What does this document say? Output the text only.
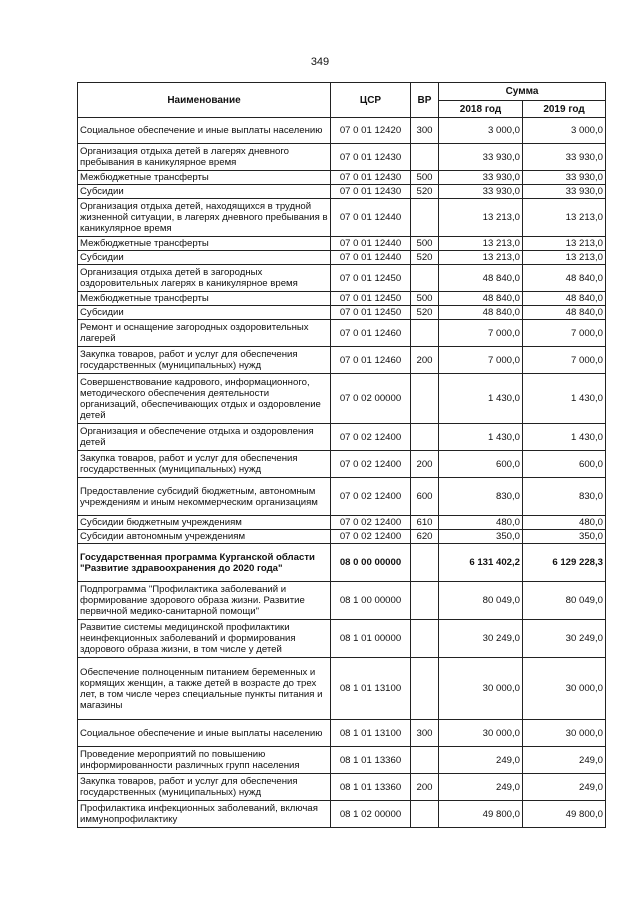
349
Наименование	ЦСР	ВР	Сумма	
			2018 год	2019 год
Социальное обеспечение и иные выплаты населению	07 0 01 12420	300	3 000,0	3 000,0
Организация отдыха детей в лагерях дневного пребывания в каникулярное время	07 0 01 12430		33 930,0	33 930,0
Межбюджетные трансферты	07 0 01 12430	500	33 930,0	33 930,0
Субсидии	07 0 01 12430	520	33 930,0	33 930,0
Организация отдыха детей, находящихся в трудной жизненной ситуации, в лагерях дневного пребывания в каникулярное время	07 0 01 12440		13 213,0	13 213,0
Межбюджетные трансферты	07 0 01 12440	500	13 213,0	13 213,0
Субсидии	07 0 01 12440	520	13 213,0	13 213,0
Организация отдыха детей в загородных оздоровительных лагерях в каникулярное время	07 0 01 12450		48 840,0	48 840,0
Межбюджетные трансферты	07 0 01 12450	500	48 840,0	48 840,0
Субсидии	07 0 01 12450	520	48 840,0	48 840,0
Ремонт и оснащение загородных оздоровительных лагерей	07 0 01 12460		7 000,0	7 000,0
Закупка товаров, работ и услуг для обеспечения государственных (муниципальных) нужд	07 0 01 12460	200	7 000,0	7 000,0
Совершенствование кадрового, информационного, методического обеспечения деятельности организаций, обеспечивающих отдых и оздоровление детей	07 0 02 00000		1 430,0	1 430,0
Организация и обеспечение отдыха и оздоровления детей	07 0 02 12400		1 430,0	1 430,0
Закупка товаров, работ и услуг для обеспечения государственных (муниципальных) нужд	07 0 02 12400	200	600,0	600,0
Предоставление субсидий бюджетным, автономным учреждениям и иным некоммерческим организациям	07 0 02 12400	600	830,0	830,0
Субсидии бюджетным учреждениям	07 0 02 12400	610	480,0	480,0
Субсидии автономным учреждениям	07 0 02 12400	620	350,0	350,0
Государственная программа Курганской области "Развитие здравоохранения до 2020 года"	08 0 00 00000		6 131 402,2	6 129 228,3
Подпрограмма "Профилактика заболеваний и формирование здорового образа жизни. Развитие первичной медико-санитарной помощи"	08 1 00 00000		80 049,0	80 049,0
Развитие системы медицинской профилактики неинфекционных заболеваний и формирования здорового образа жизни, в том числе у детей	08 1 01 00000		30 249,0	30 249,0
Обеспечение полноценным питанием беременных и кормящих женщин, а также детей в возрасте до трех лет, в том числе через специальные пункты питания и магазины	08 1 01 13100		30 000,0	30 000,0
Социальное обеспечение и иные выплаты населению	08 1 01 13100	300	30 000,0	30 000,0
Проведение мероприятий по повышению информированности различных групп населения	08 1 01 13360		249,0	249,0
Закупка товаров, работ и услуг для обеспечения государственных (муниципальных) нужд	08 1 01 13360	200	249,0	249,0
Профилактика инфекционных заболеваний, включая иммунопрофилактику	08 1 02 00000		49 800,0	49 800,0
